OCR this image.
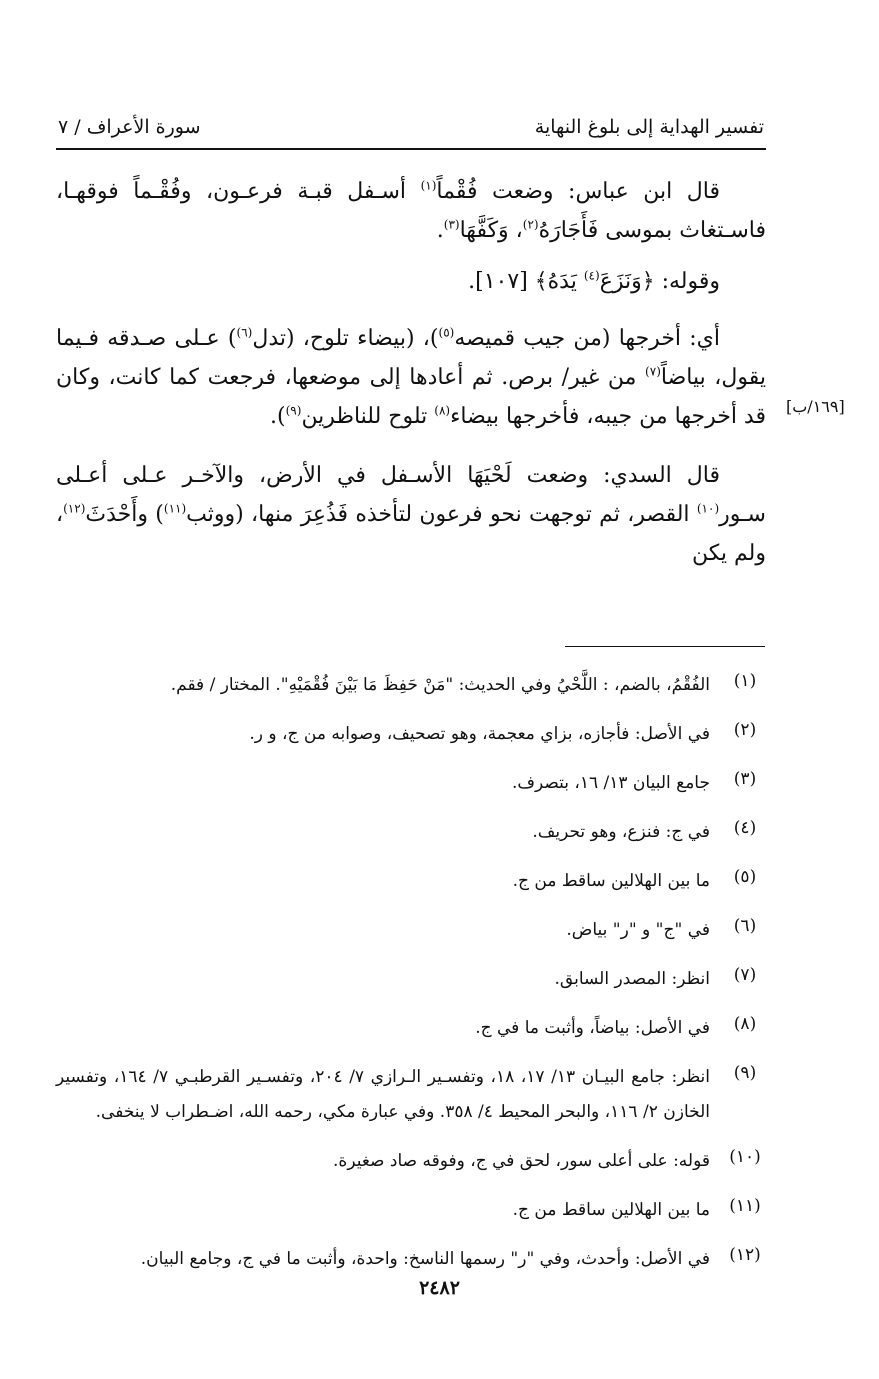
تفسير الهداية إلى بلوغ النهاية
سورة الأعراف / ٧

قال ابن عباس: وضعت فُقْماً$^{(١)}$ أسـفل قبـة فرعـون، وفُقْـماً فوقهـا، فاسـتغاث بموسى فَأَجَارَهُ$^{(٢)}$، وَكَفَّهَا$^{(٣)}$.

وقوله: ﴿وَنَزَعَ$^{(٤)}$ يَدَهُ﴾ [١٠٧].

أي: أخرجها (من جيب قميصه$^{(٥)}$)، (بيضاء تلوح، (تدل$^{(٦)}$) عـلى صـدقه فـيما يقول، بياضاً$^{(٧)}$ من غير/ برص. ثم أعادها إلى موضعها، فرجعت كما كانت، وكان قد أخرجها من جيبه، فأخرجها بيضاء$^{(٨)}$ تلوح للناظرين$^{(٩)}$).

قال السدي: وضعت لَحْيَهَا الأسـفل في الأرض، والآخـر عـلى أعـلى سـور$^{(١٠)}$ القصر، ثم توجهت نحو فرعون لتأخذه فَذُعِرَ منها، (ووثب$^{(١١)}$) وأَحْدَثَ$^{(١٢)}$، ولم يكن

[١٦٩/ب]
(١)
الفُقْمُ، بالضم، : اللَّحْيُ وفي الحديث: "مَنْ حَفِظَ مَا بَيْنَ فُقْمَيْهِ". المختار / فقم.
(٢)
في الأصل: فأجازه، بزاي معجمة، وهو تصحيف، وصوابه من ج، و ر.
(٣)
جامع البيان ١٣/ ١٦، بتصرف.
(٤)
في ج: فنزع، وهو تحريف.
(٥)
ما بين الهلالين ساقط من ج.
(٦)
في "ج" و "ر" بياض.
(٧)
انظر: المصدر السابق.
(٨)
في الأصل: بياضاً، وأثبت ما في ج.
(٩)
انظر: جامع البيـان ١٣/ ١٧، ١٨، وتفسـير الـرازي ٧/ ٢٠٤، وتفسـير القرطبـي ٧/ ١٦٤، وتفسير الخازن ٢/ ١١٦، والبحر المحيط ٤/ ٣٥٨. وفي عبارة مكي، رحمه الله، اضـطراب لا ينخفى.
(١٠)
قوله: على أعلى سور، لحق في ج، وفوقه صاد صغيرة.
(١١)
ما بين الهلالين ساقط من ج.
(١٢)
في الأصل: وأحدث، وفي "ر" رسمها الناسخ: واحدة، وأثبت ما في ج، وجامع البيان.
٢٤٨٢
